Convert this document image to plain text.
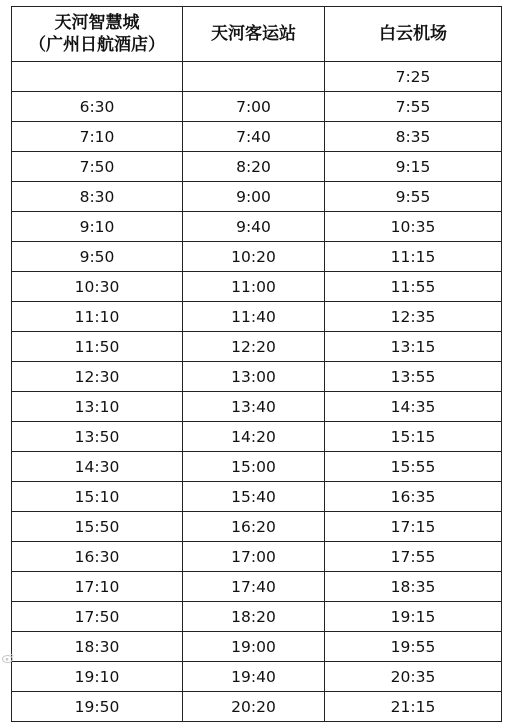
天河智慧城
（广州日航酒店）	天河客运站	白云机场

		7:25
6:30	7:00	7:55
7:10	7:40	8:35
7:50	8:20	9:15
8:30	9:00	9:55
9:10	9:40	10:35
9:50	10:20	11:15
10:30	11:00	11:55
11:10	11:40	12:35
11:50	12:20	13:15
12:30	13:00	13:55
13:10	13:40	14:35
13:50	14:20	15:15
14:30	15:00	15:55
15:10	15:40	16:35
15:50	16:20	17:15
16:30	17:00	17:55
17:10	17:40	18:35
17:50	18:20	19:15
18:30	19:00	19:55
19:10	19:40	20:35
19:50	20:20	21:15
